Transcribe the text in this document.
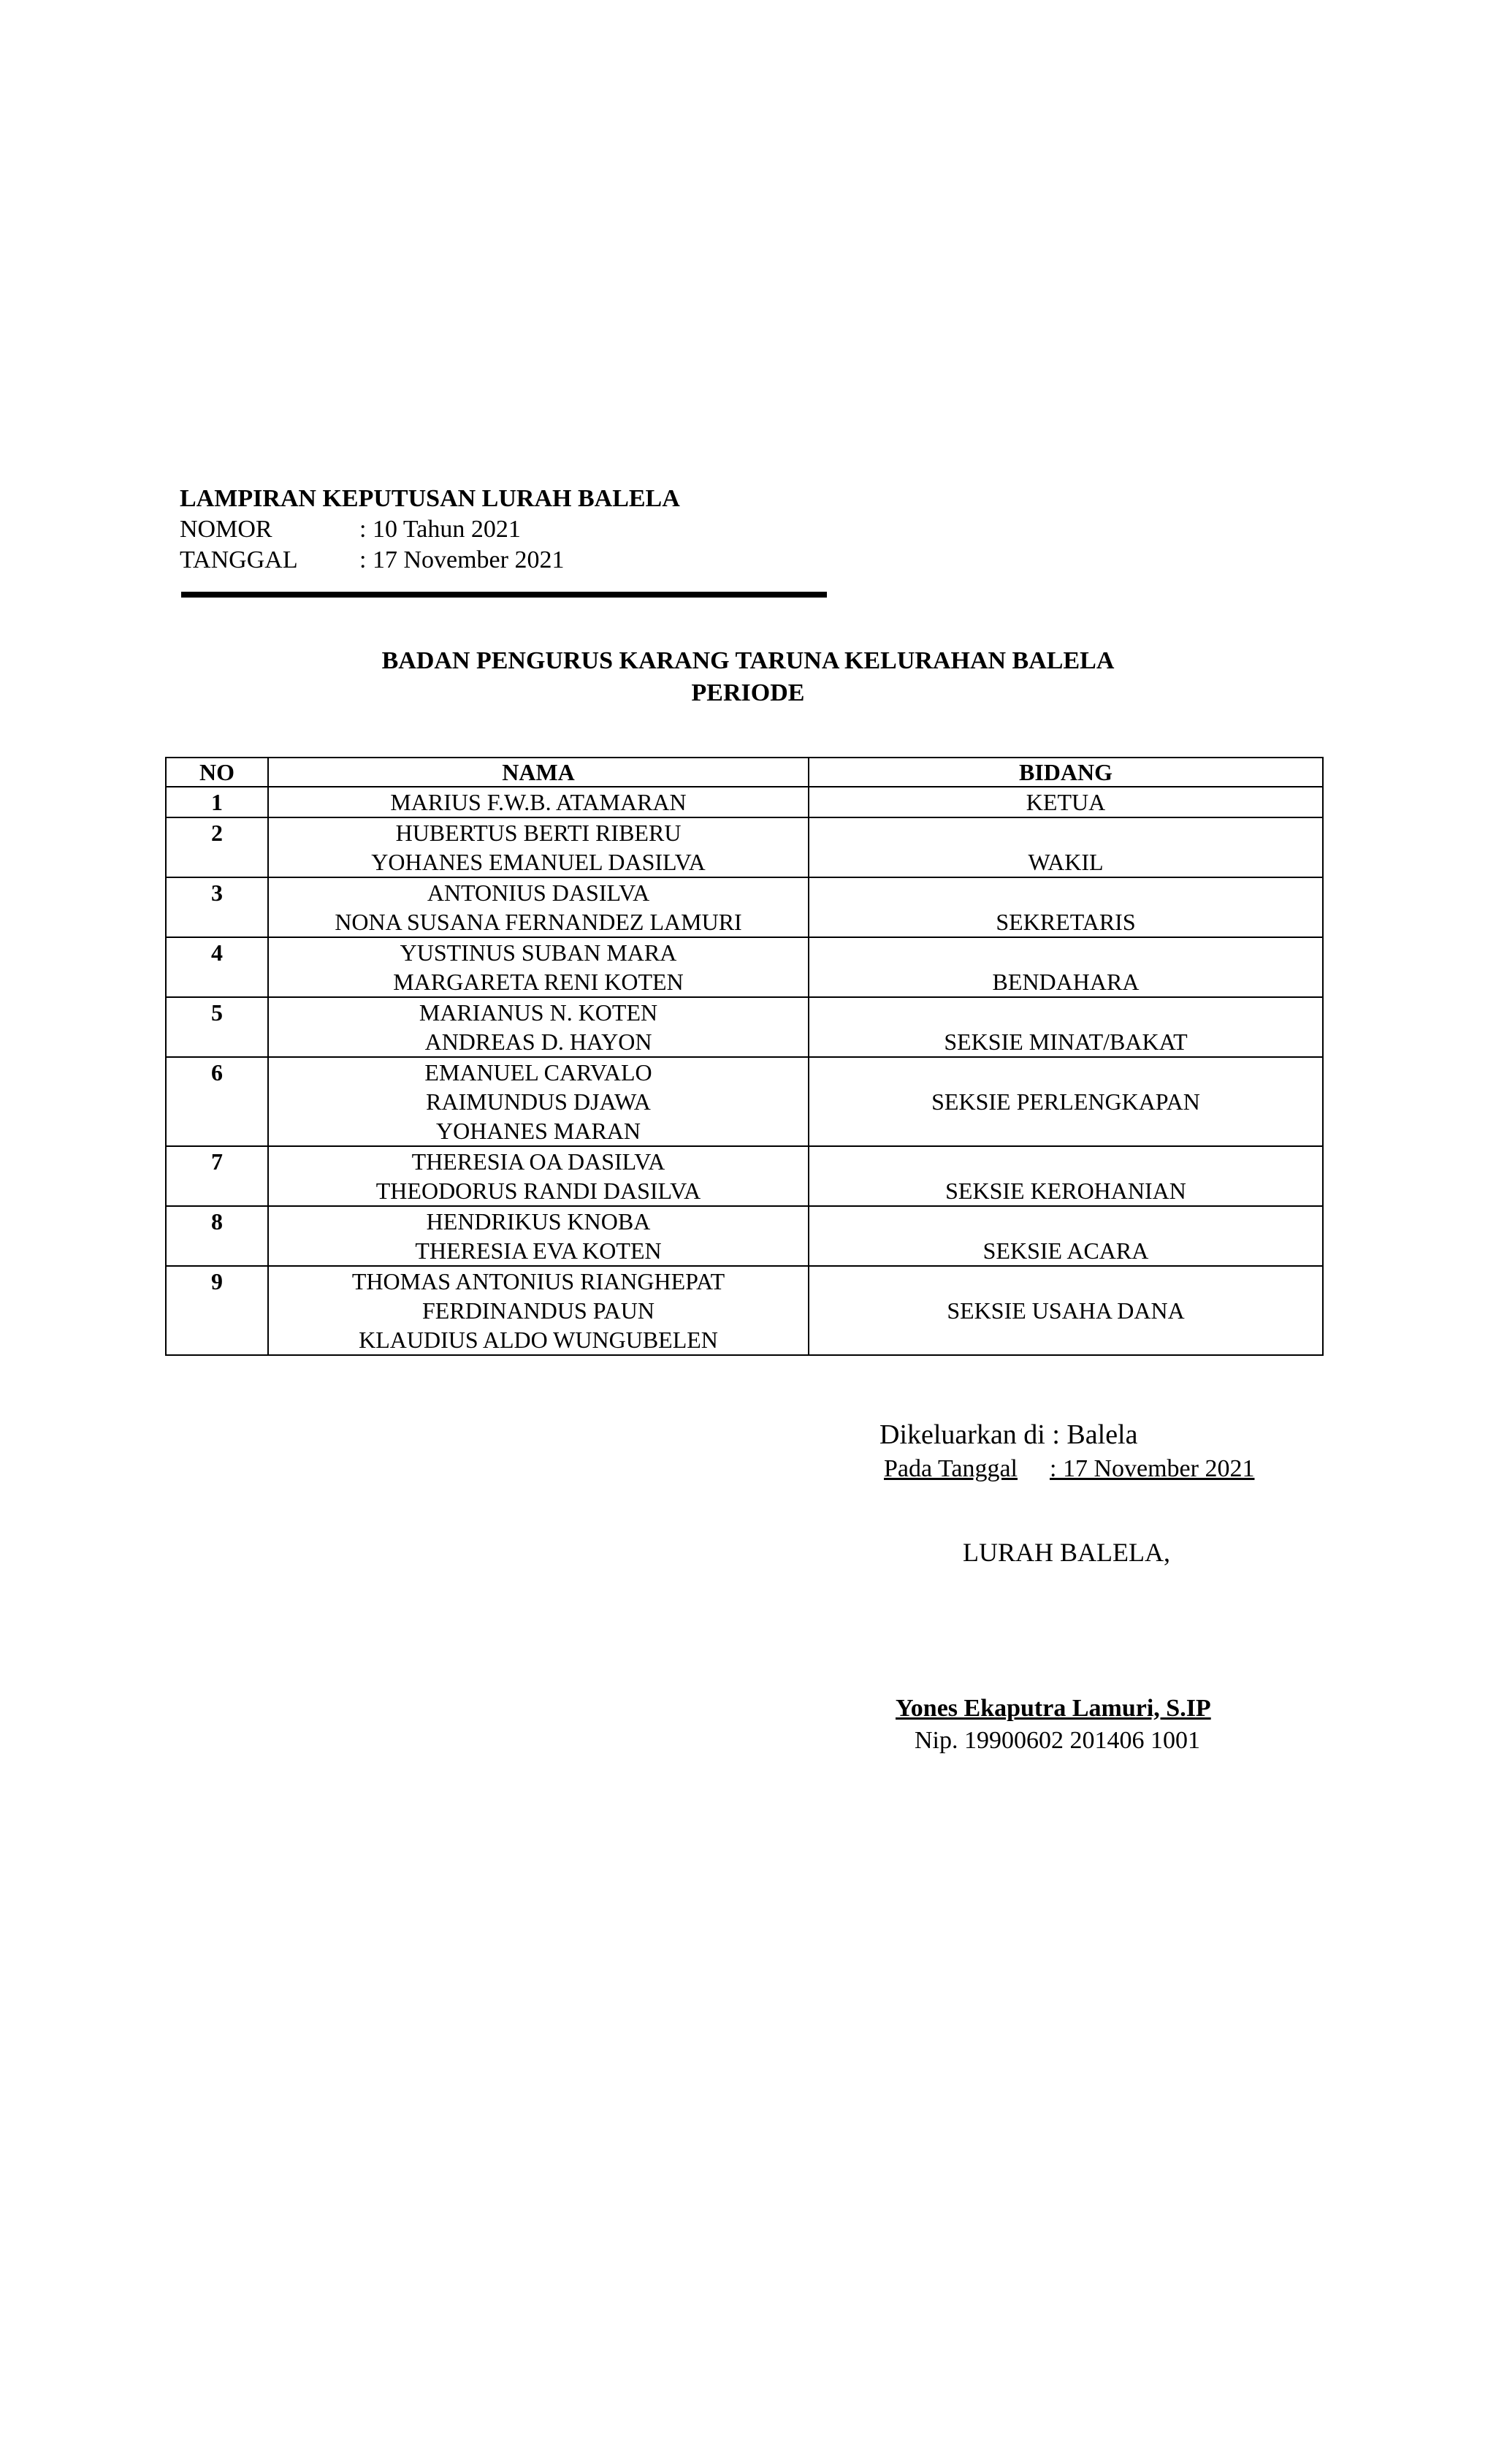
LAMPIRAN KEPUTUSAN LURAH BALELA
NOMOR	: 10 Tahun 2021
TANGGAL : 17 November 2021
BADAN PENGURUS KARANG TARUNA KELURAHAN BALELA
PERIODE
NO	NAMA	BIDANG
1	MARIUS F.W.B. ATAMARAN	KETUA
2	HUBERTUS BERTI RIBERU
YOHANES EMANUEL DASILVA	WAKIL
3	ANTONIUS DASILVA
NONA SUSANA FERNANDEZ LAMURI	SEKRETARIS
4	YUSTINUS SUBAN MARA
MARGARETA RENI KOTEN	BENDAHARA
5	MARIANUS N. KOTEN
ANDREAS D. HAYON	SEKSIE MINAT/BAKAT
6	EMANUEL CARVALO
RAIMUNDUS DJAWA
YOHANES MARAN	SEKSIE PERLENGKAPAN
7	THERESIA OA DASILVA
THEODORUS RANDI DASILVA	SEKSIE KEROHANIAN
8	HENDRIKUS KNOBA
THERESIA EVA KOTEN	SEKSIE ACARA
9	THOMAS ANTONIUS RIANGHEPAT
FERDINANDUS PAUN
KLAUDIUS ALDO WUNGUBELEN	SEKSIE USAHA DANA
Dikeluarkan di : Balela
Pada Tanggal : 17 November 2021
LURAH BALELA,
Yones Ekaputra Lamuri, S.IP
Nip. 19900602 201406 1001
